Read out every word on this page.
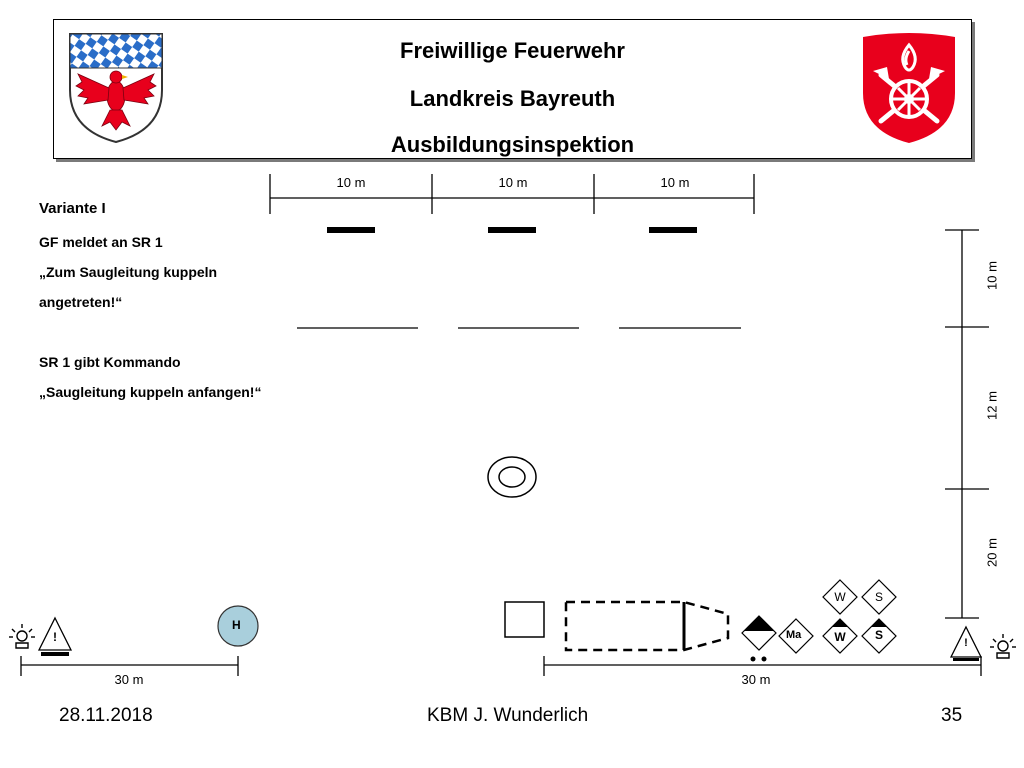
Freiwillige Feuerwehr
Landkreis Bayreuth
Ausbildungsinspektion
Variante I
GF meldet an SR 1
„Zum Saugleitung kuppeln
angetreten!“
SR 1 gibt Kommando
„Saugleitung kuppeln anfangen!“
H
Ma
W	S
W	S
!	!
10 m	10 m	10 m
10 m
12 m
20 m
30 m	30 m
28.11.2018	KBM J. Wunderlich	35
